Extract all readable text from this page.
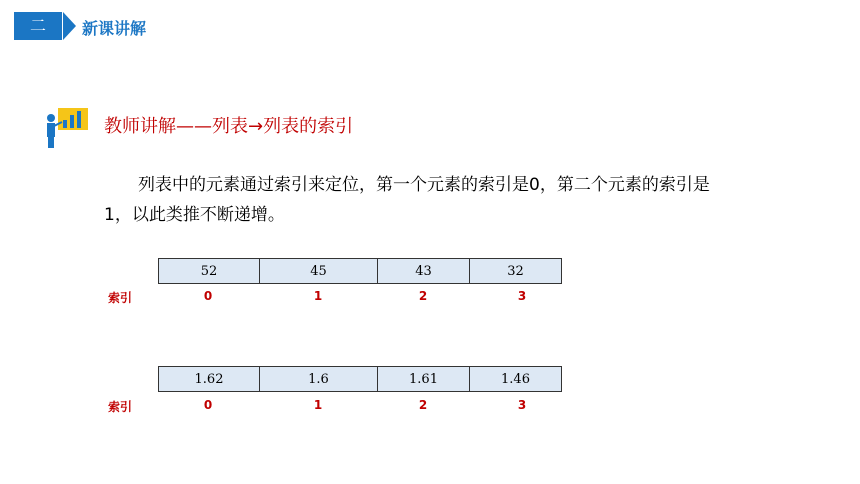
二	新课讲解
教师讲解——列表→列表的索引
列表中的元素通过索引来定位，第一个元素的索引是0，第二个元素的索引是1，以此类推不断递增。
52	45	43	32
索引	0	1	2	3
1.62	1.6	1.61	1.46
索引	0	1	2	3
